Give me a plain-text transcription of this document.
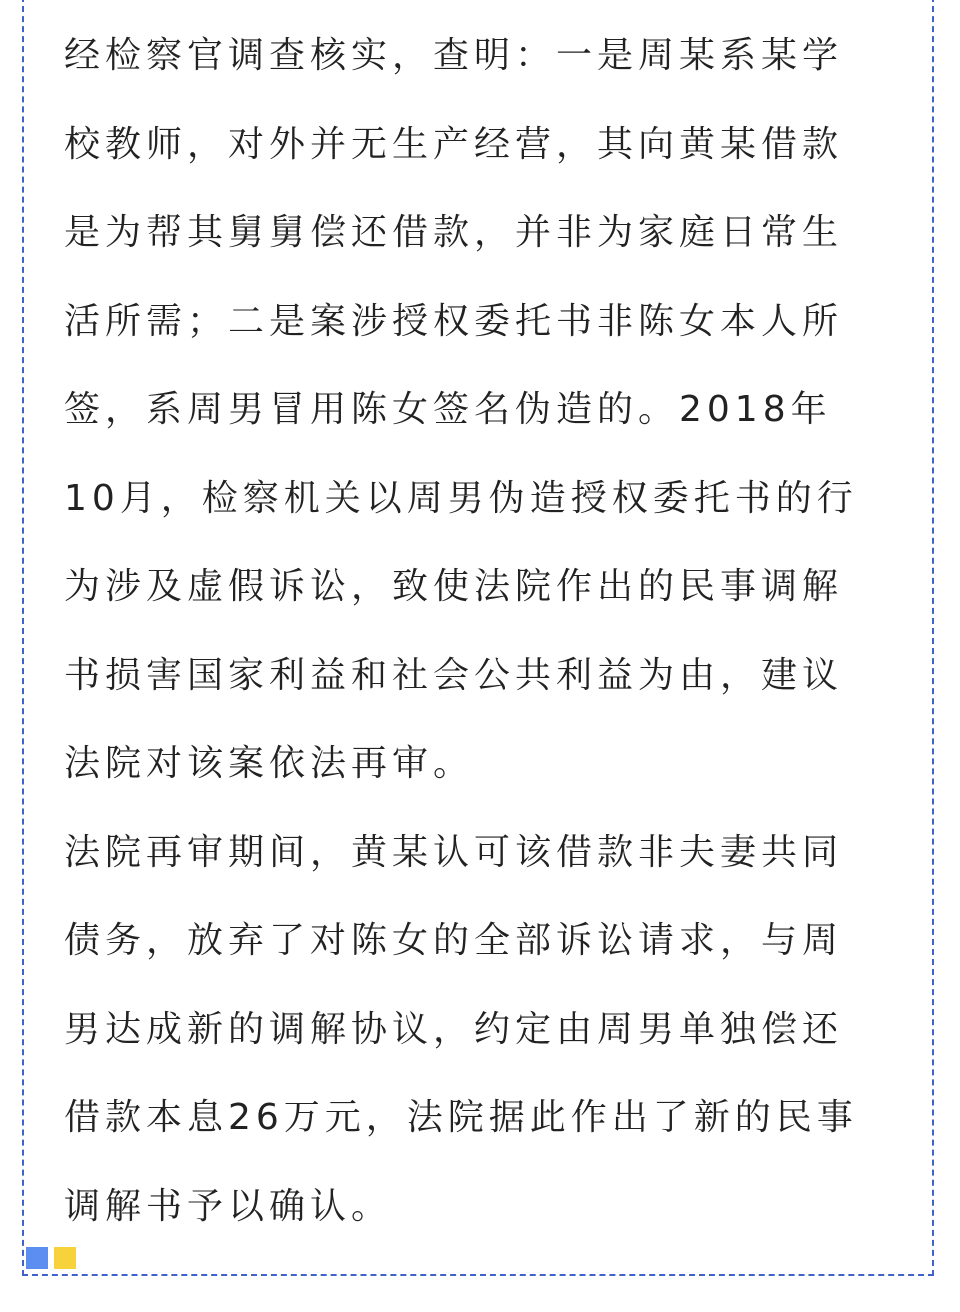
经检察官调查核实，查明：一是周某系某学
校教师，对外并无生产经营，其向黄某借款
是为帮其舅舅偿还借款，并非为家庭日常生
活所需；二是案涉授权委托书非陈女本人所
签，系周男冒用陈女签名伪造的。2018年
10月，检察机关以周男伪造授权委托书的行
为涉及虚假诉讼，致使法院作出的民事调解
书损害国家利益和社会公共利益为由，建议
法院对该案依法再审。

法院再审期间，黄某认可该借款非夫妻共同
债务，放弃了对陈女的全部诉讼请求，与周
男达成新的调解协议，约定由周男单独偿还
借款本息26万元，法院据此作出了新的民事
调解书予以确认。
